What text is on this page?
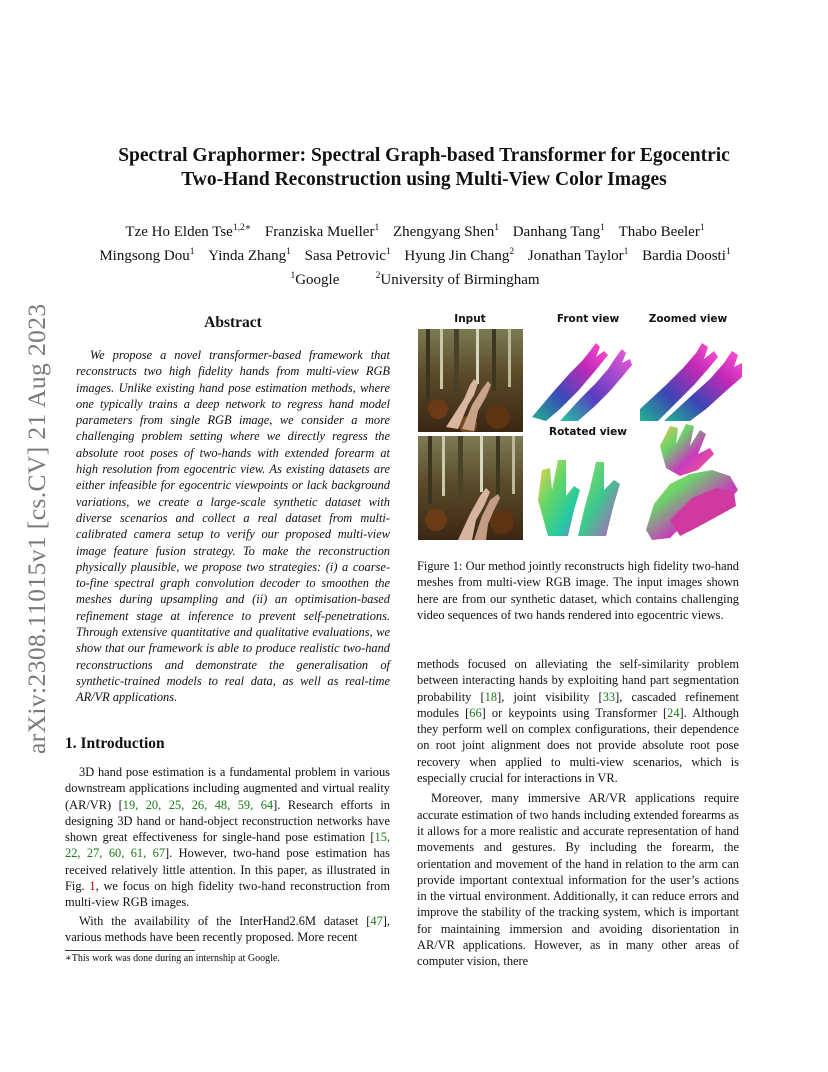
arXiv:2308.11015v1 [cs.CV] 21 Aug 2023
Spectral Graphormer: Spectral Graph-based Transformer for Egocentric
Two-Hand Reconstruction using Multi-View Color Images
Tze Ho Elden Tse$^{1,2∗}$ Franziska Mueller$^1$ Zhengyang Shen$^1$ Danhang Tang$^1$ Thabo Beeler$^1$
Mingsong Dou$^1$ Yinda Zhang$^1$ Sasa Petrovic$^1$ Hyung Jin Chang$^2$ Jonathan Taylor$^1$ Bardia Doosti$^1$
$^1$Google	$^2$University of Birmingham
Abstract

We propose a novel transformer-based framework that reconstructs two high fidelity hands from multi-view RGB images. Unlike existing hand pose estimation methods, where one typically trains a deep network to regress hand model parameters from single RGB image, we consider a more challenging problem setting where we directly regress the absolute root poses of two-hands with extended forearm at high resolution from egocentric view. As existing datasets are either infeasible for egocentric viewpoints or lack background variations, we create a large-scale synthetic dataset with diverse scenarios and collect a real dataset from multi-calibrated camera setup to verify our proposed multi-view image feature fusion strategy. To make the reconstruction physically plausible, we propose two strategies: (i) a coarse-to-fine spectral graph convolution decoder to smoothen the meshes during upsampling and (ii) an optimisation-based refinement stage at inference to prevent self-penetrations. Through extensive quantitative and qualitative evaluations, we show that our framework is able to produce realistic two-hand reconstructions and demonstrate the generalisation of synthetic-trained models to real data, as well as real-time AR/VR applications.

1. Introduction

3D hand pose estimation is a fundamental problem in various downstream applications including augmented and virtual reality (AR/VR) [19, 20, 25, 26, 48, 59, 64]. Research efforts in designing 3D hand or hand-object reconstruction networks have shown great effectiveness for single-hand pose estimation [15, 22, 27, 60, 61, 67]. However, two-hand pose estimation has received relatively little attention. In this paper, as illustrated in Fig. 1, we focus on high fidelity two-hand reconstruction from multi-view RGB images.

With the availability of the InterHand2.6M dataset [47], various methods have been recently proposed. More recent

∗This work was done during an internship at Google.
Input	Front view	Zoomed view
Rotated view

Figure 1: Our method jointly reconstructs high fidelity two-hand meshes from multi-view RGB image. The input images shown here are from our synthetic dataset, which contains challenging video sequences of two hands rendered into egocentric views.

methods focused on alleviating the self-similarity problem between interacting hands by exploiting hand part segmentation probability [18], joint visibility [33], cascaded refinement modules [66] or keypoints using Transformer [24]. Although they perform well on complex configurations, their dependence on root joint alignment does not provide absolute root pose recovery when applied to multi-view scenarios, which is especially crucial for interactions in VR.

Moreover, many immersive AR/VR applications require accurate estimation of two hands including extended forearms as it allows for a more realistic and accurate representation of hand movements and gestures. By including the forearm, the orientation and movement of the hand in relation to the arm can provide important contextual information for the user’s actions in the virtual environment. Additionally, it can reduce errors and improve the stability of the tracking system, which is important for maintaining immersion and avoiding disorientation in AR/VR applications. However, as in many other areas of computer vision, there
